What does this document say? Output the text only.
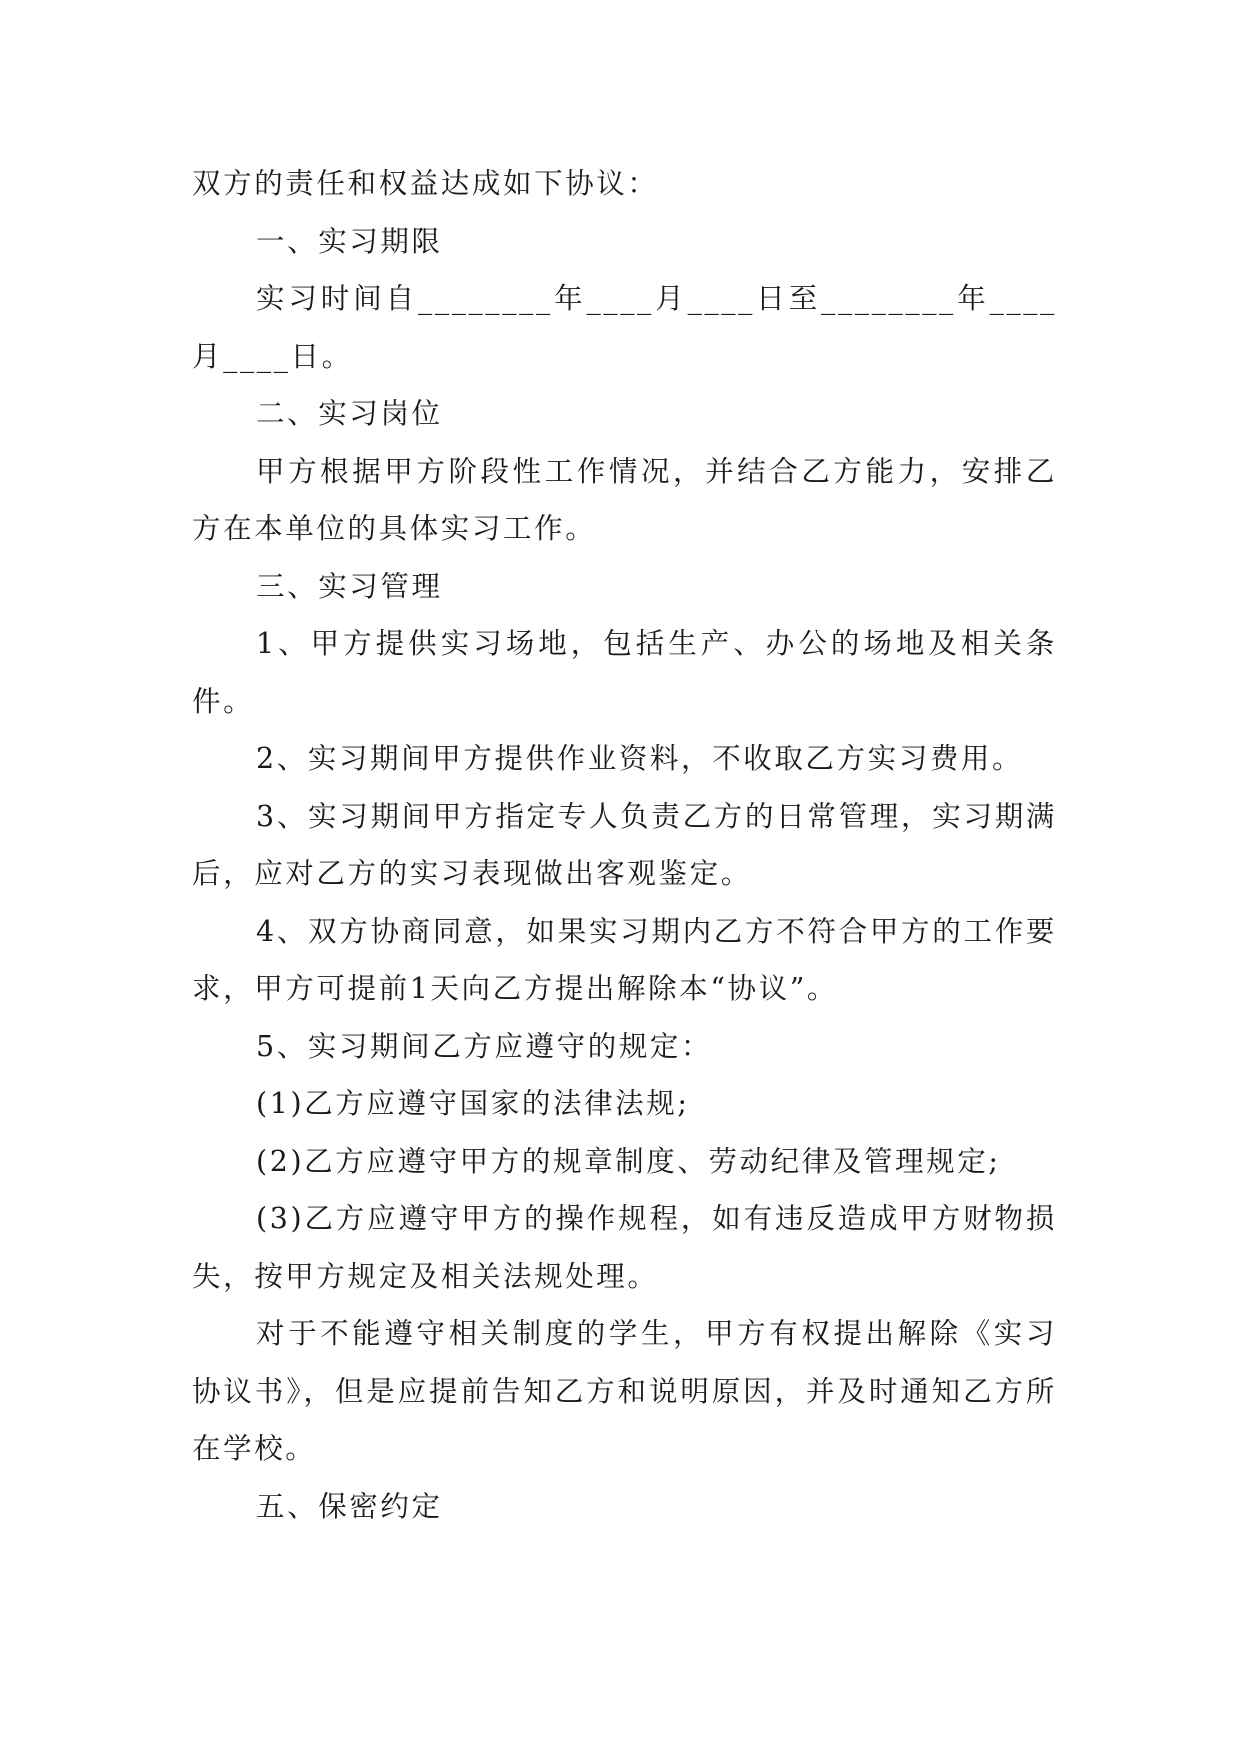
双方的责任和权益达成如下协议：

一、实习期限

实习时间自________年____月____日至________年____月____日。

二、实习岗位

甲方根据甲方阶段性工作情况，并结合乙方能力，安排乙方在本单位的具体实习工作。

三、实习管理

1、甲方提供实习场地，包括生产、办公的场地及相关条件。

2、实习期间甲方提供作业资料，不收取乙方实习费用。

3、实习期间甲方指定专人负责乙方的日常管理，实习期满后，应对乙方的实习表现做出客观鉴定。

4、双方协商同意，如果实习期内乙方不符合甲方的工作要求，甲方可提前1天向乙方提出解除本“协议”。

5、实习期间乙方应遵守的规定：

(1)乙方应遵守国家的法律法规;

(2)乙方应遵守甲方的规章制度、劳动纪律及管理规定;

(3)乙方应遵守甲方的操作规程，如有违反造成甲方财物损失，按甲方规定及相关法规处理。

对于不能遵守相关制度的学生，甲方有权提出解除《实习协议书》，但是应提前告知乙方和说明原因，并及时通知乙方所在学校。

五、保密约定
